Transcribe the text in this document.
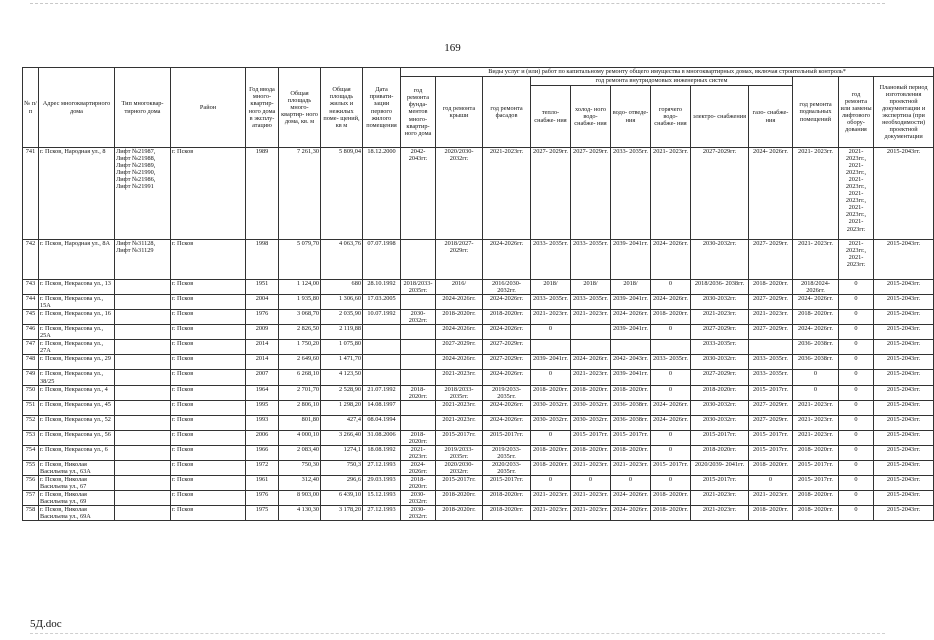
169
№ п/п	Адрес многоквартирного дома	Тип многоквар- тирного дома	Район	Год ввода много- квартир- ного дома в эксплу- атацию	Общая площадь много- квартир- ного дома, кв. м	Общая площадь жилых и нежилых поме- щений, кв м	Дата привати- зации первого жилого помещения	Виды услуг и (или) работ по капитальному ремонту общего имущества в многоквартирных домах, включая строительный контроль*											
								год ремонта фунда- ментов много- квартир- ного дома	год ремонта крыши	год ремонта фасадов	год ремонта внутридомовых инженерных систем						год ремонта подвальных помещений	год ремонта или замены лифтового обору- дования	Плановый период изготовления проектной документации и экспертиза (при необходимости) проектной документации
											тепло- снабже- ния	холод- ного водо- снабже- ния	водо- отведе- ния	горячего водо- снабже- ния	электро- снабжения	газо- снабже- ния			
741	г. Псков, Народная ул., 8	Лифт №21987, Лифт №21988, Лифт №21989, Лифт №21990, Лифт №21986, Лифт №21991	г. Псков	1989	7 261,30	5 809,04	18.12.2000	2042- 2043гг.	2020/2030- 2032гг.	2021-2023гг.	2027- 2029гг.	2027- 2029гг.	2033- 2035гг.	2021- 2023гг.	2027-2029гг.	2024- 2026гг.	2021- 2023гг.	2021- 2023гг., 2021- 2023гг., 2021- 2023гг., 2021- 2023гг., 2021- 2023гг., 2021- 2023гг.	2015-2043гг.
742	г. Псков, Народная ул., 8А	Лифт №31128, Лифт №31129	г. Псков	1998	5 079,70	4 063,76	07.07.1998		2018/2027- 2029гг.	2024-2026гг.	2033- 2035гг.	2033- 2035гг.	2039- 2041гг.	2024- 2026гг.	2030-2032гг.	2027- 2029гг.	2021- 2023гг.	2021- 2023гг., 2021- 2023гг.	2015-2043гг.
743	г. Псков, Некрасова ул., 13		г. Псков	1951	1 124,00	680	28.10.1992	2018/2033- 2035гг.	2016/	2016/2030- 2032гг.	2018/	2018/	2018/	0	2018/2036- 2038гг.	2018- 2020гг.	2018/2024- 2026гг.	0	2015-2043гг.
744	г. Псков, Некрасова ул., 15А		г. Псков	2004	1 935,80	1 306,60	17.03.2005		2024-2026гг.	2024-2026гг.	2033- 2035гг.	2033- 2035гг.	2039- 2041гг.	2024- 2026гг.	2030-2032гг.	2027- 2029гг.	2024- 2026гг.	0	2015-2043гг.
745	г. Псков, Некрасова ул., 16		г. Псков	1976	3 068,70	2 035,90	10.07.1992	2030- 2032гг.	2018-2020гг.	2018-2020гг.	2021- 2023гг.	2021- 2023гг.	2024- 2026гг.	2018- 2020гг.	2021-2023гг.	2021- 2023гг.	2018- 2020гг.	0	2015-2043гг.
746	г. Псков, Некрасова ул., 25А		г. Псков	2009	2 826,50	2 119,88			2024-2026гг.	2024-2026гг.	0		2039- 2041гг.	0	2027-2029гг.	2027- 2029гг.	2024- 2026гг.	0	2015-2043гг.
747	г. Псков, Некрасова ул., 27А		г. Псков	2014	1 750,20	1 075,80			2027-2029гг.	2027-2029гг.					2033-2035гг.		2036- 2038гг.	0	2015-2043гг.
748	г. Псков, Некрасова ул., 29		г. Псков	2014	2 649,60	1 471,70			2024-2026гг.	2027-2029гг.	2039- 2041гг.	2024- 2026гг.	2042- 2043гг.	2033- 2035гг.	2030-2032гг.	2033- 2035гг.	2036- 2038гг.	0	2015-2043гг.
749	г. Псков, Некрасова ул., 38/25		г. Псков	2007	6 268,10	4 123,50			2021-2023гг.	2024-2026гг.	0	2021- 2023гг.	2039- 2041гг.	0	2027-2029гг.	2033- 2035гг.	0	0	2015-2043гг.
750	г. Псков, Некрасова ул., 4		г. Псков	1964	2 701,70	2 528,90	21.07.1992	2018- 2020гг.	2018/2033- 2035гг.	2019/2033- 2035гг.	2018- 2020гг.	2018- 2020гг.	2018- 2020гг.	0	2018-2020гг.	2015- 2017гг.	0	0	2015-2043гг.
751	г. Псков, Некрасова ул., 45		г. Псков	1995	2 806,10	1 298,20	14.08.1997		2021-2023гг.	2024-2026гг.	2030- 2032гг.	2030- 2032гг.	2036- 2038гг.	2024- 2026гг.	2030-2032гг.	2027- 2029гг.	2021- 2023гг.	0	2015-2043гг.
752	г. Псков, Некрасова ул., 52		г. Псков	1993	801,80	427,4	08.04.1994		2021-2023гг.	2024-2026гг.	2030- 2032гг.	2030- 2032гг.	2036- 2038гг.	2024- 2026гг.	2030-2032гг.	2027- 2029гг.	2021- 2023гг.	0	2015-2043гг.
753	г. Псков, Некрасова ул., 56		г. Псков	2006	4 000,10	3 266,40	31.08.2006	2018- 2020гг.	2015-2017гг.	2015-2017гг.	0	2015- 2017гг.	2015- 2017гг.	0	2015-2017гг.	2015- 2017гг.	2021- 2023гг.	0	2015-2043гг.
754	г. Псков, Некрасова ул., 6		г. Псков	1966	2 083,40	1274,1	18.08.1992	2021- 2023гг.	2019/2033- 2035гг.	2019/2033- 2035гг.	2018- 2020гг.	2018- 2020гг.	2018- 2020гг.	0	2018-2020гг.	2015- 2017гг.	2018- 2020гг.	0	2015-2043гг.
755	г. Псков, Николая Васильева ул., 63А		г. Псков	1972	750,30	750,3	27.12.1993	2024- 2026гг.	2020/2030- 2032гг.	2020/2033- 2035гг.	2018- 2020гг.	2021- 2023гг.	2021- 2023гг.	2015- 2017гг.	2020/2039- 2041гг.	2018- 2020гг.	2015- 2017гг.	0	2015-2043гг.
756	г. Псков, Николая Васильева ул., 67		г. Псков	1961	312,40	296,6	29.03.1993	2018- 2020гг.	2015-2017гг.	2015-2017гг.	0	0	0	0	2015-2017гг.	0	2015- 2017гг.	0	2015-2043гг.
757	г. Псков, Николая Васильева ул., 69		г. Псков	1976	8 903,00	6 439,10	15.12.1993	2030- 2032гг.	2018-2020гг.	2018-2020гг.	2021- 2023гг.	2021- 2023гг.	2024- 2026гг.	2018- 2020гг.	2021-2023гг.	2021- 2023гг.	2018- 2020гг.	0	2015-2043гг.
758	г. Псков, Николая Васильева ул., 69А		г. Псков	1975	4 130,30	3 178,20	27.12.1993	2030- 2032гг.	2018-2020гг.	2018-2020гг.	2021- 2023гг.	2021- 2023гг.	2024- 2026гг.	2018- 2020гг.	2021-2023гг.	2018- 2020гг.	2018- 2020гг.	0	2015-2043гг.
5Д.doc
